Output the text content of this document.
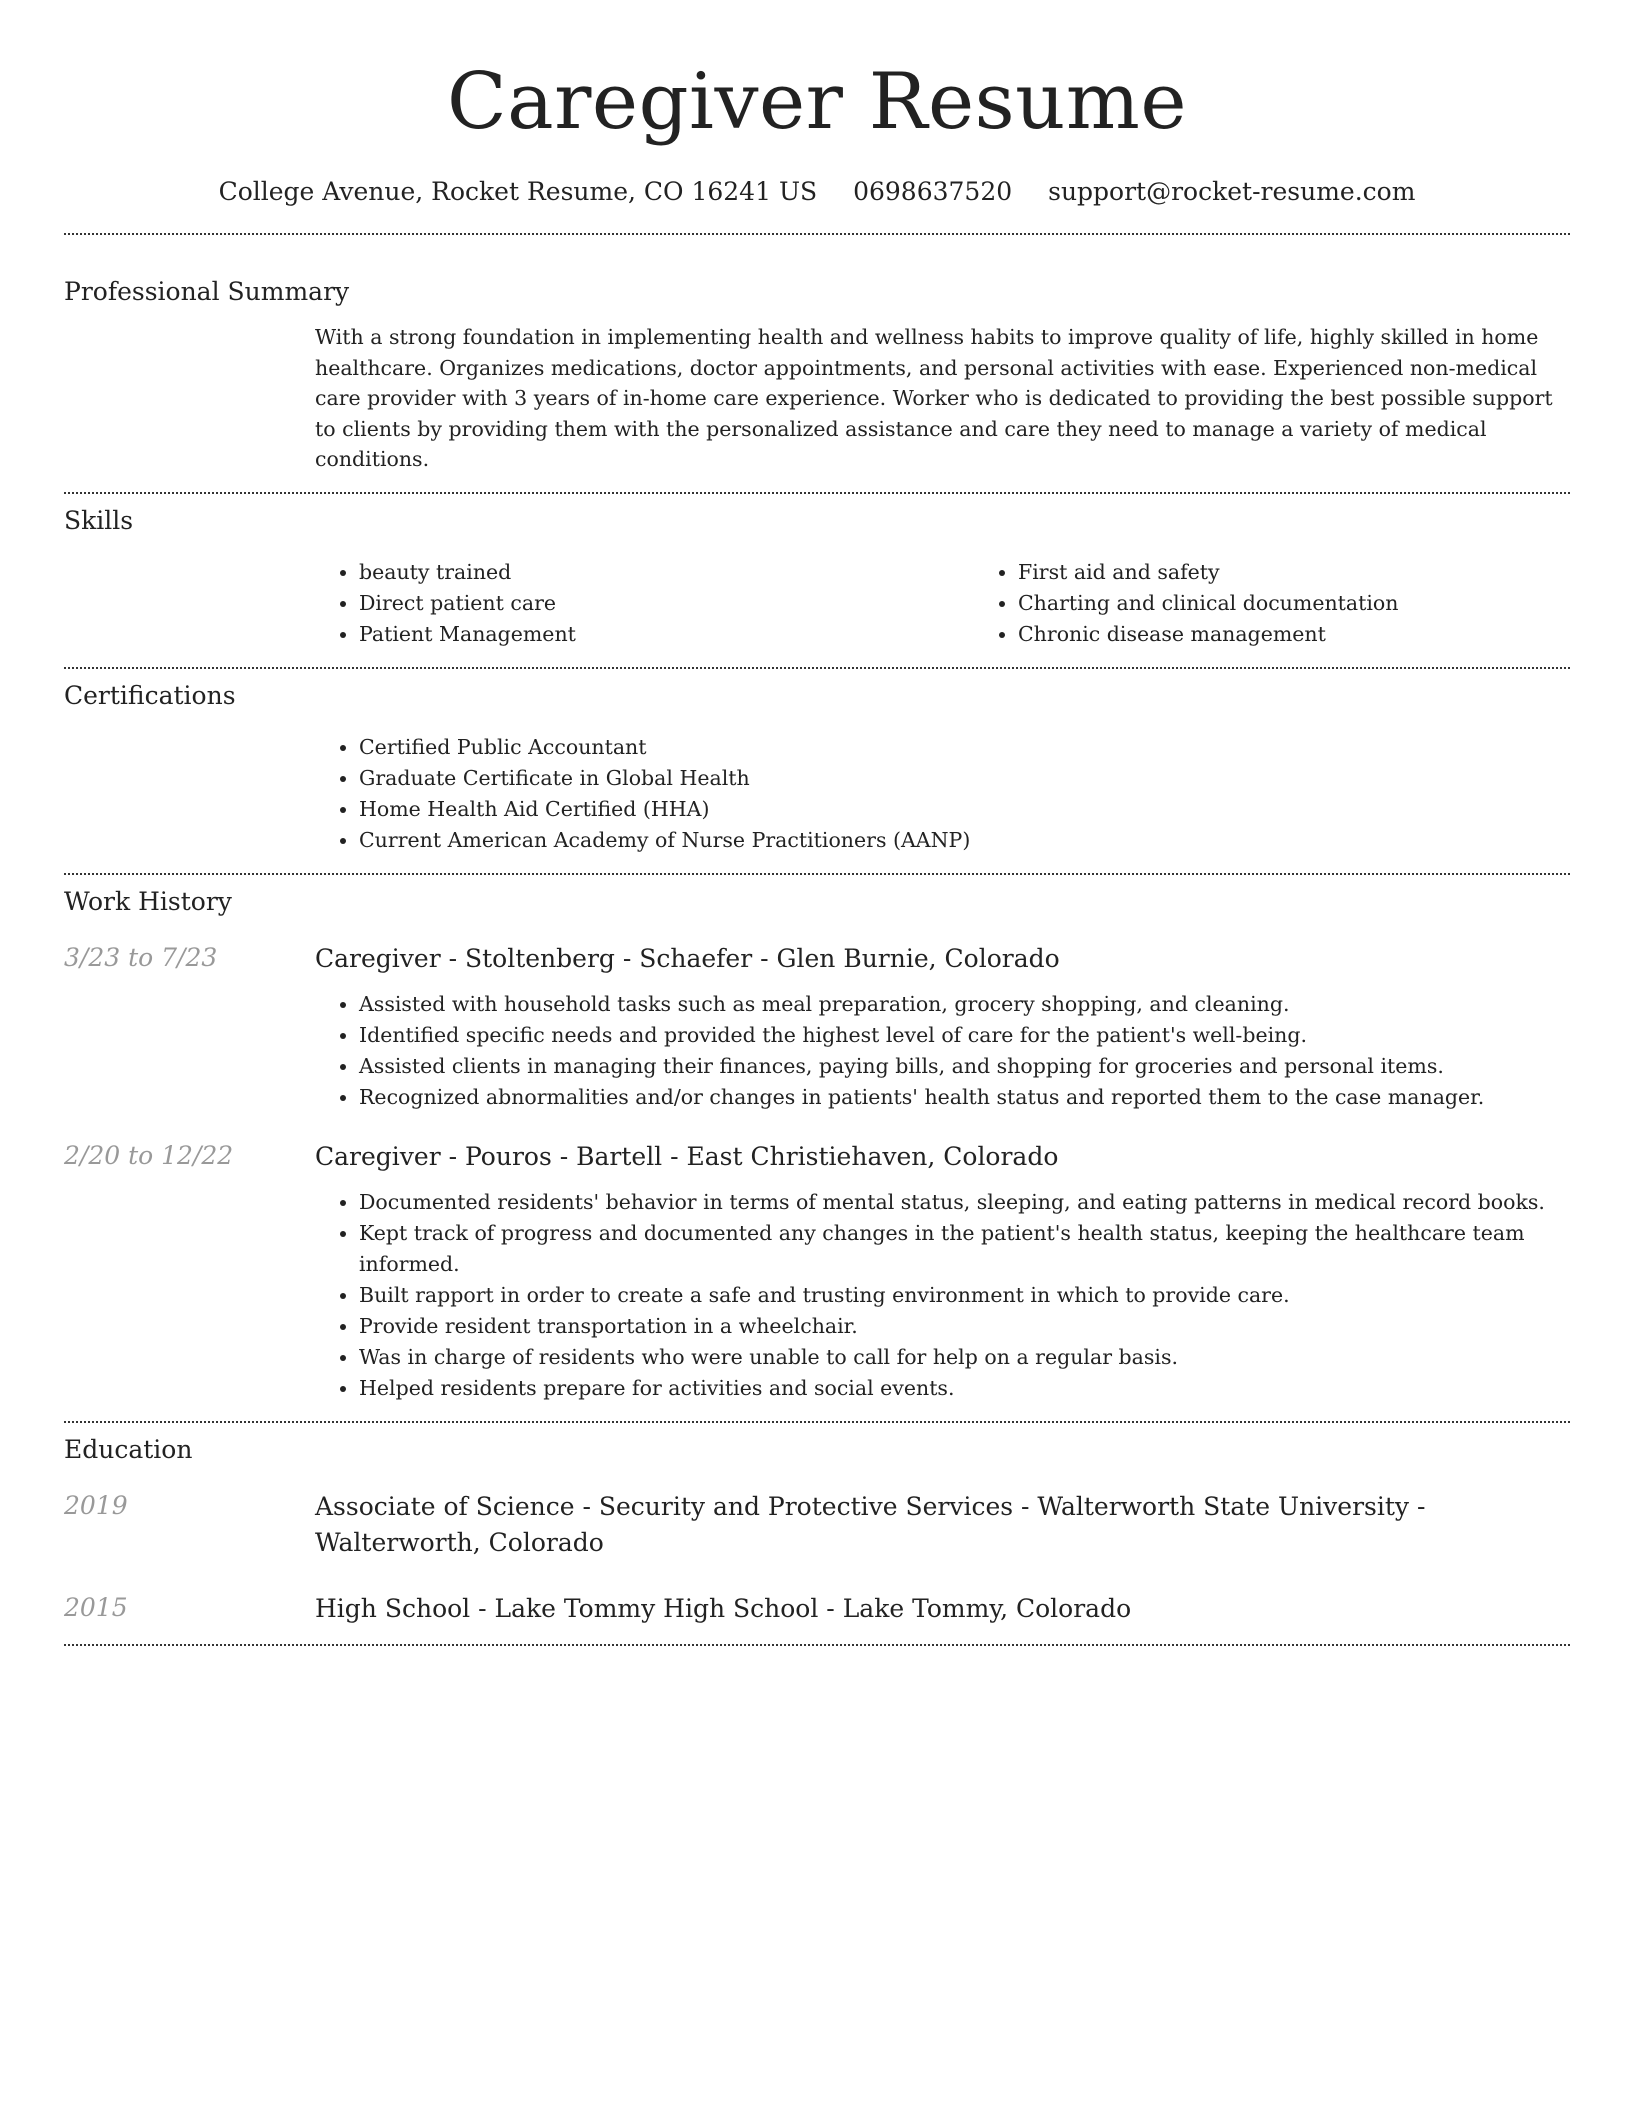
Caregiver Resume
College Avenue, Rocket Resume, CO 16241 US 0698637520 support@rocket-resume.com
Professional Summary

With a strong foundation in implementing health and wellness habits to improve quality of life, highly skilled in home healthcare. Organizes medications, doctor appointments, and personal activities with ease. Experienced non-medical care provider with 3 years of in-home care experience. Worker who is dedicated to providing the best possible support to clients by providing them with the personalized assistance and care they need to manage a variety of medical conditions.

Skills
• beauty trained
• Direct patient care
• Patient Management
• First aid and safety
• Charting and clinical documentation
• Chronic disease management
Certifications
• Certified Public Accountant
• Graduate Certificate in Global Health
• Home Health Aid Certified (HHA)
• Current American Academy of Nurse Practitioners (AANP)
Work History
3/23 to 7/23	Caregiver - Stoltenberg - Schaefer - Glen Burnie, Colorado
• Assisted with household tasks such as meal preparation, grocery shopping, and cleaning.
• Identified specific needs and provided the highest level of care for the patient's well-being.
• Assisted clients in managing their finances, paying bills, and shopping for groceries and personal items.
• Recognized abnormalities and/or changes in patients' health status and reported them to the case manager.
2/20 to 12/22	Caregiver - Pouros - Bartell - East Christiehaven, Colorado
• Documented residents' behavior in terms of mental status, sleeping, and eating patterns in medical record books.
• Kept track of progress and documented any changes in the patient's health status, keeping the healthcare team informed.
• Built rapport in order to create a safe and trusting environment in which to provide care.
• Provide resident transportation in a wheelchair.
• Was in charge of residents who were unable to call for help on a regular basis.
• Helped residents prepare for activities and social events.
Education
2019	Associate of Science - Security and Protective Services - Walterworth State University - Walterworth, Colorado
2015	High School - Lake Tommy High School - Lake Tommy, Colorado
